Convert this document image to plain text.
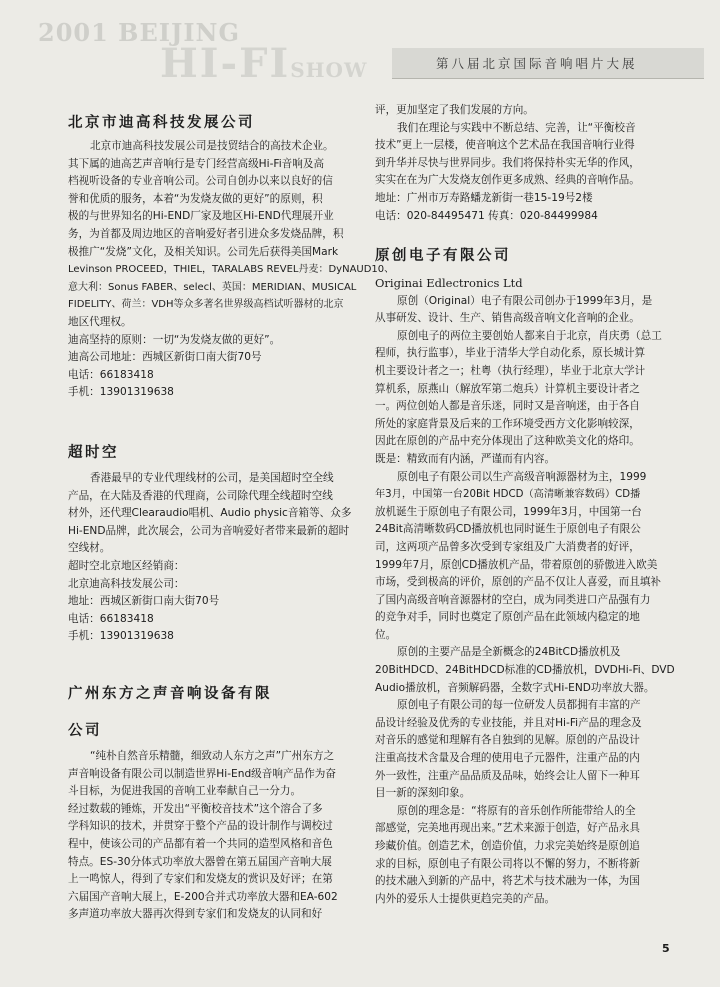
2001 BEIJING
HI-FISHOW	第八届北京国际音响唱片大展
北京市迪高科技发展公司

北京市迪高科技发展公司是技贸结合的高技术企业。

其下属的迪高艺声音响行是专门经营高级Hi-Fi音响及高

档视听设备的专业音响公司。公司自创办以来以良好的信

誉和优质的服务，本着“为发烧友做的更好”的原则，积

极的与世界知名的Hi-END厂家及地区Hi-END代理展开业

务，为首都及周边地区的音响爱好者引进众多发烧品牌，积

极推广“发烧”文化，及相关知识。公司先后获得美国Mark

Levinson PROCEED，THIEL，TARALABS REVEL丹麦：DyNAUD10、

意大利：Sonus FABER、selecl、英国：MERIDIAN、MUSICAL

FIDELITY、荷兰：VDH等众多著名世界级高档试听器材的北京

地区代理权。

迪高坚持的原则：一切“为发烧友做的更好”。

迪高公司地址：西城区新街口南大街70号

电话：66183418

手机：13901319638

超时空

香港最早的专业代理线材的公司，是美国超时空全线

产品，在大陆及香港的代理商，公司除代理全线超时空线

材外，还代理Clearaudio唱机、Audio physic音箱等、众多

Hi-END品牌，此次展会，公司为音响爱好者带来最新的超时

空线材。

超时空北京地区经销商：

北京迪高科技发展公司：

地址：西城区新街口南大街70号

电话：66183418

手机：13901319638

广州东方之声音响设备有限
公司

“纯朴自然音乐精髓，细致动人东方之声”广州东方之

声音响设备有限公司以制造世界Hi-End级音响产品作为奋

斗目标，为促进我国的音响工业奉献自己一分力。

经过数载的锤炼，开发出“平衡校音技术”这个溶合了多

学科知识的技术，并贯穿于整个产品的设计制作与调校过

程中，使该公司的产品都有着一个共同的造型风格和音色

特点。ES-30分体式功率放大器曾在第五届国产音响大展

上一鸣惊人，得到了专家们和发烧友的赏识及好评；在第

六届国产音响大展上，E-200合并式功率放大器和EA-602

多声道功率放大器再次得到专家们和发烧友的认同和好

评，更加坚定了我们发展的方向。

我们在理论与实践中不断总结、完善，让“平衡校音

技术”更上一层楼，使音响这个艺术品在我国音响行业得

到升华并尽快与世界同步。我们将保持朴实无华的作风，

实实在在为广大发烧友创作更多成熟、经典的音响作品。

地址：广州市万寿路蟠龙新街一巷15-19号2楼

电话：020-84495471 传真：020-84499984

原创电子有限公司

Originai Edlectronics Ltd

原创（Original）电子有限公司创办于1999年3月，是

从事研发、设计、生产、销售高级音响文化音响的企业。

原创电子的两位主要创始人都来自于北京，肖庆勇（总工

程师，执行监事），毕业于清华大学自动化系，原长城计算

机主要设计者之一；杜粤（执行经理），毕业于北京大学计

算机系，原燕山（解放军第二炮兵）计算机主要设计者之

一。两位创始人都是音乐迷，同时又是音响迷，由于各自

所处的家庭背景及后来的工作环境受西方文化影响较深，

因此在原创的产品中充分体现出了这种欧美文化的烙印。

既是：精致而有内涵，严谨而有内容。

原创电子有限公司以生产高级音响源器材为主，1999

年3月，中国第一台20Bit HDCD（高清晰兼容数码）CD播

放机诞生于原创电子有限公司，1999年3月，中国第一台

24Bit高清晰数码CD播放机也同时诞生于原创电子有限公

司，这两项产品曾多次受到专家组及广大消费者的好评，

1999年7月，原创CD播放机产品，带着原创的骄傲进入欧美

市场，受到极高的评价，原创的产品不仅让人喜爱，而且填补

了国内高级音响音源器材的空白，成为同类进口产品强有力

的竞争对手，同时也奠定了原创产品在此领域内稳定的地

位。

原创的主要产品是全新概念的24BitCD播放机及

20BitHDCD、24BitHDCD标准的CD播放机，DVDHi-Fi、DVD

Audio播放机，音频解码器，全数字式Hi-END功率放大器。

原创电子有限公司的每一位研发人员都拥有丰富的产

品设计经验及优秀的专业技能，并且对Hi-Fi产品的理念及

对音乐的感觉和理解有各自独到的见解。原创的产品设计

注重高技术含量及合理的使用电子元器件，注重产品的内

外一致性，注重产品品质及品味，始终会让人留下一种耳

目一新的深刻印象。

原创的理念是：“将原有的音乐创作所能带给人的全

部感觉，完美地再现出来。”艺术来源于创造，好产品永具

珍藏价值。创造艺术，创造价值，力求完美始终是原创追

求的目标，原创电子有限公司将以不懈的努力，不断将新

的技术融入到新的产品中，将艺术与技术融为一体，为国

内外的爱乐人士提供更趋完美的产品。

5
